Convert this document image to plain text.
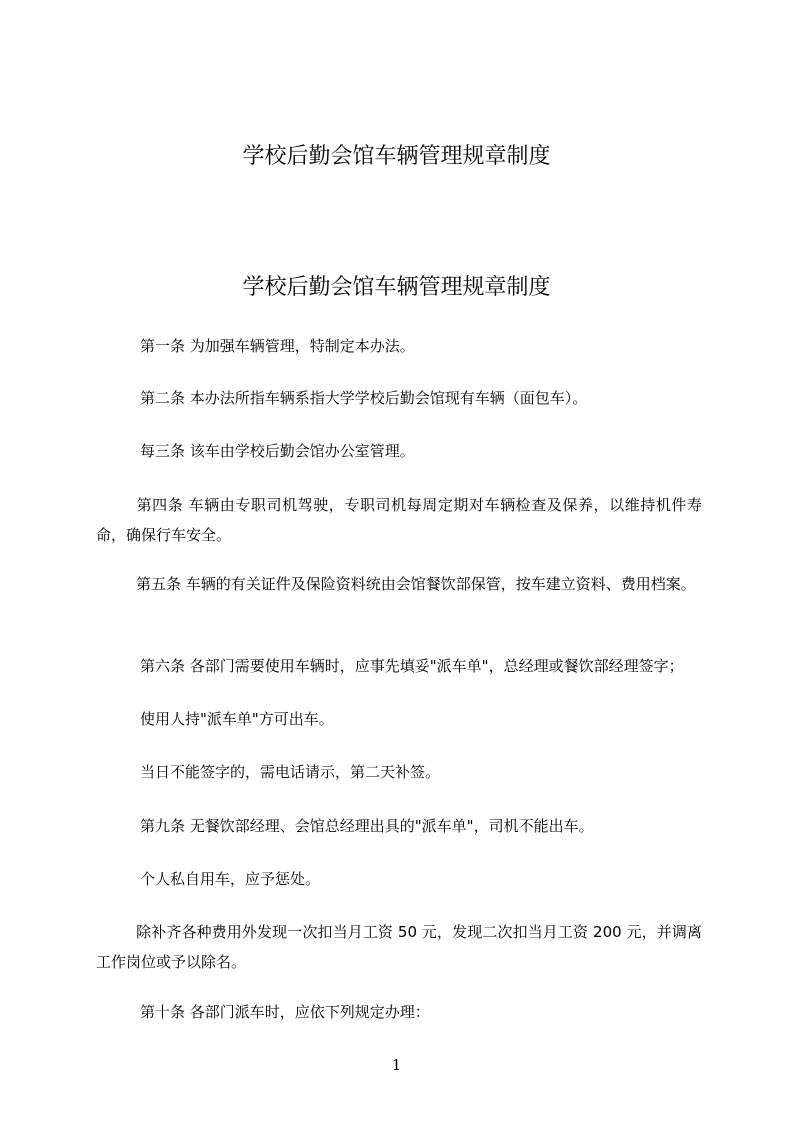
学校后勤会馆车辆管理规章制度
学校后勤会馆车辆管理规章制度

第一条 为加强车辆管理，特制定本办法。

第二条 本办法所指车辆系指大学学校后勤会馆现有车辆（面包车）。

每三条 该车由学校后勤会馆办公室管理。

第四条 车辆由专职司机驾驶，专职司机每周定期对车辆检查及保养，以维持机件寿命，确保行车安全。

第五条 车辆的有关证件及保险资料统由会馆餐饮部保管，按车建立资料、费用档案。

第六条 各部门需要使用车辆时，应事先填妥"派车单"，总经理或餐饮部经理签字；

使用人持"派车单"方可出车。

当日不能签字的，需电话请示，第二天补签。

第九条 无餐饮部经理、会馆总经理出具的"派车单"，司机不能出车。

个人私自用车，应予惩处。

除补齐各种费用外发现一次扣当月工资 50 元，发现二次扣当月工资 200 元，并调离工作岗位或予以除名。

第十条 各部门派车时，应依下列规定办理：

1
